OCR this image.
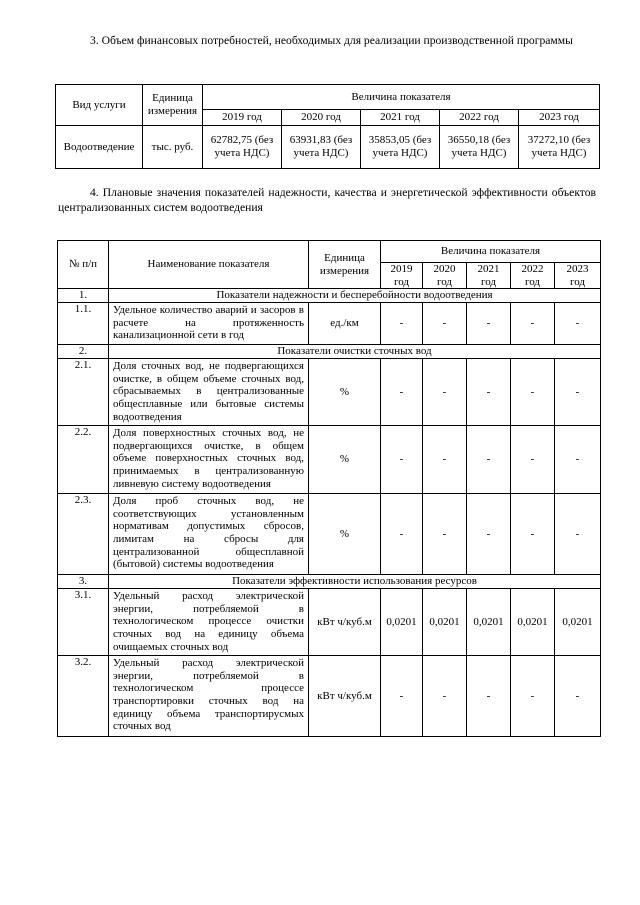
3. Объем финансовых потребностей, необходимых для реализации производственной программы

Вид услуги	Единица измерения	Величина показателя				
		2019 год	2020 год	2021 год	2022 год	2023 год
Водоотведение	тыс. руб.	62782,75 (без учета НДС)	63931,83 (без учета НДС)	35853,05 (без учета НДС)	36550,18 (без учета НДС)	37272,10 (без учета НДС)

4. Плановые значения показателей надежности, качества и энергетической эффективности объектов централизованных систем водоотведения

№ п/п	Наименование показателя	Единица измерения	Величина показателя				
			2019 год	2020 год	2021 год	2022 год	2023 год
1.	Показатели надежности и бесперебойности водоотведения						
1.1.	Удельное количество аварий и засоров в расчете на протяженность канализационной сети в год	ед./км	-	-	-	-	-
2.	Показатели очистки сточных вод						
2.1.	Доля сточных вод, не подвергающихся очистке, в общем объеме сточных вод, сбрасываемых в централизованные общесплавные или бытовые системы водоотведения	%	-	-	-	-	-
2.2.	Доля поверхностных сточных вод, не подвергающихся очистке, в общем объеме поверхностных сточных вод, принимаемых в централизованную ливневую систему водоотведения	%	-	-	-	-	-
2.3.	Доля проб сточных вод, не соответствующих установленным нормативам допустимых сбросов, лимитам на сбросы для централизованной общесплавной (бытовой) системы водоотведения	%	-	-	-	-	-
3.	Показатели эффективности использования ресурсов						
3.1.	Удельный расход электрической энергии, потребляемой в технологическом процессе очистки сточных вод на единицу объема очищаемых сточных вод	кВт ч/куб.м	0,0201	0,0201	0,0201	0,0201	0,0201
3.2.	Удельный расход электрической энергии, потребляемой в технологическом процессе транспортировки сточных вод на единицу объема транспортирусмых сточных вод	кВт ч/куб.м	-	-	-	-	-
